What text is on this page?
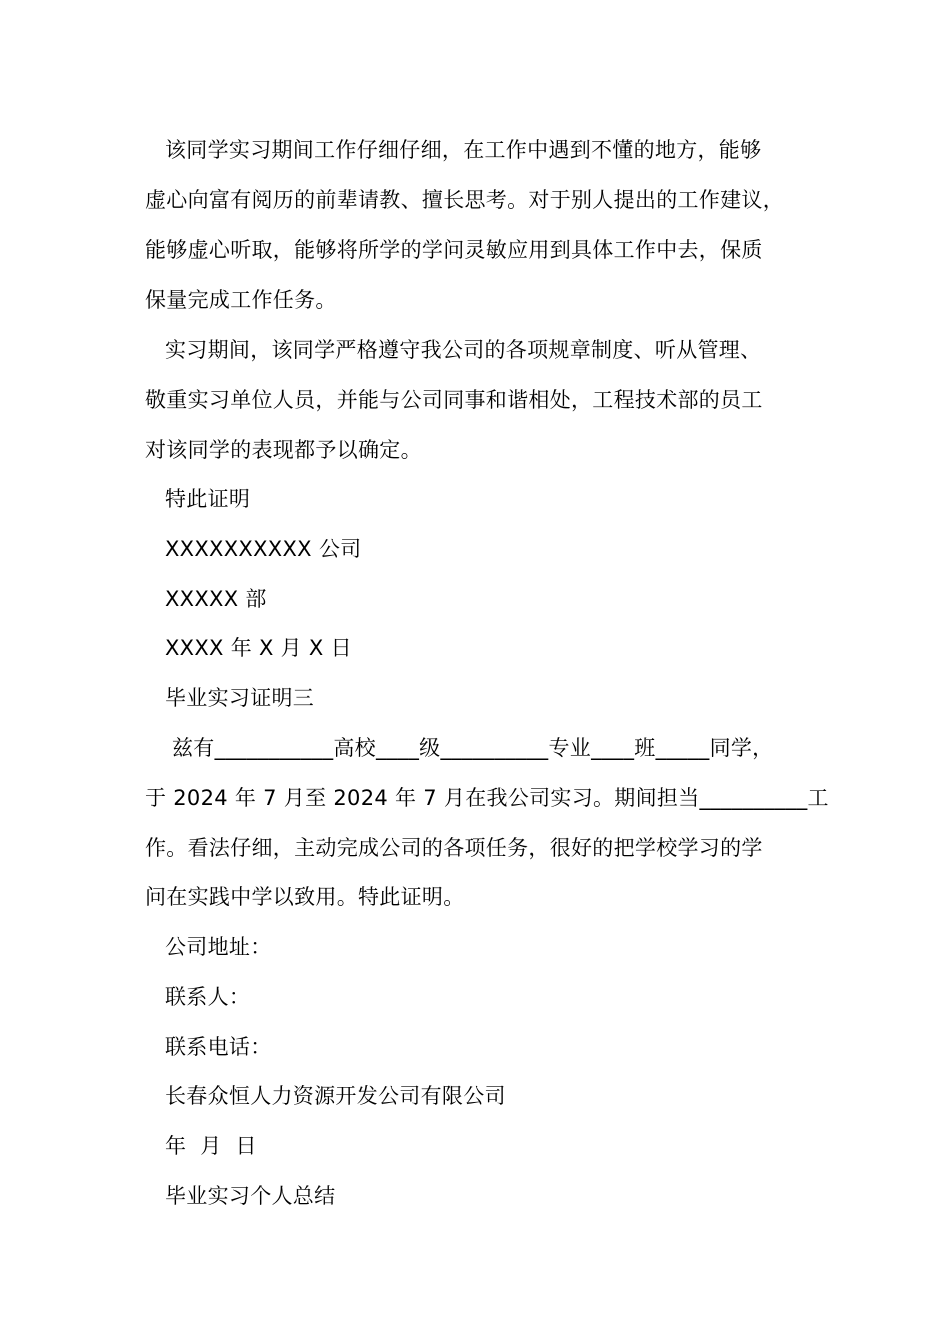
该同学实习期间工作仔细仔细，在工作中遇到不懂的地方，能够
虚心向富有阅历的前辈请教、擅长思考。对于别人提出的工作建议，
能够虚心听取，能够将所学的学问灵敏应用到具体工作中去，保质
保量完成工作任务。
实习期间，该同学严格遵守我公司的各项规章制度、听从管理、
敬重实习单位人员，并能与公司同事和谐相处，工程技术部的员工
对该同学的表现都予以确定。
特此证明
XXXXXXXXXX 公司
XXXXX 部
XXXX 年 X 月 X 日
毕业实习证明三
兹有___________高校____级__________专业____班_____同学，
于 2024 年 7 月至 2024 年 7 月在我公司实习。期间担当__________工
作。看法仔细，主动完成公司的各项任务，很好的把学校学习的学
问在实践中学以致用。特此证明。
公司地址：
联系人：
联系电话：
长春众恒人力资源开发公司有限公司
年  月  日
毕业实习个人总结
